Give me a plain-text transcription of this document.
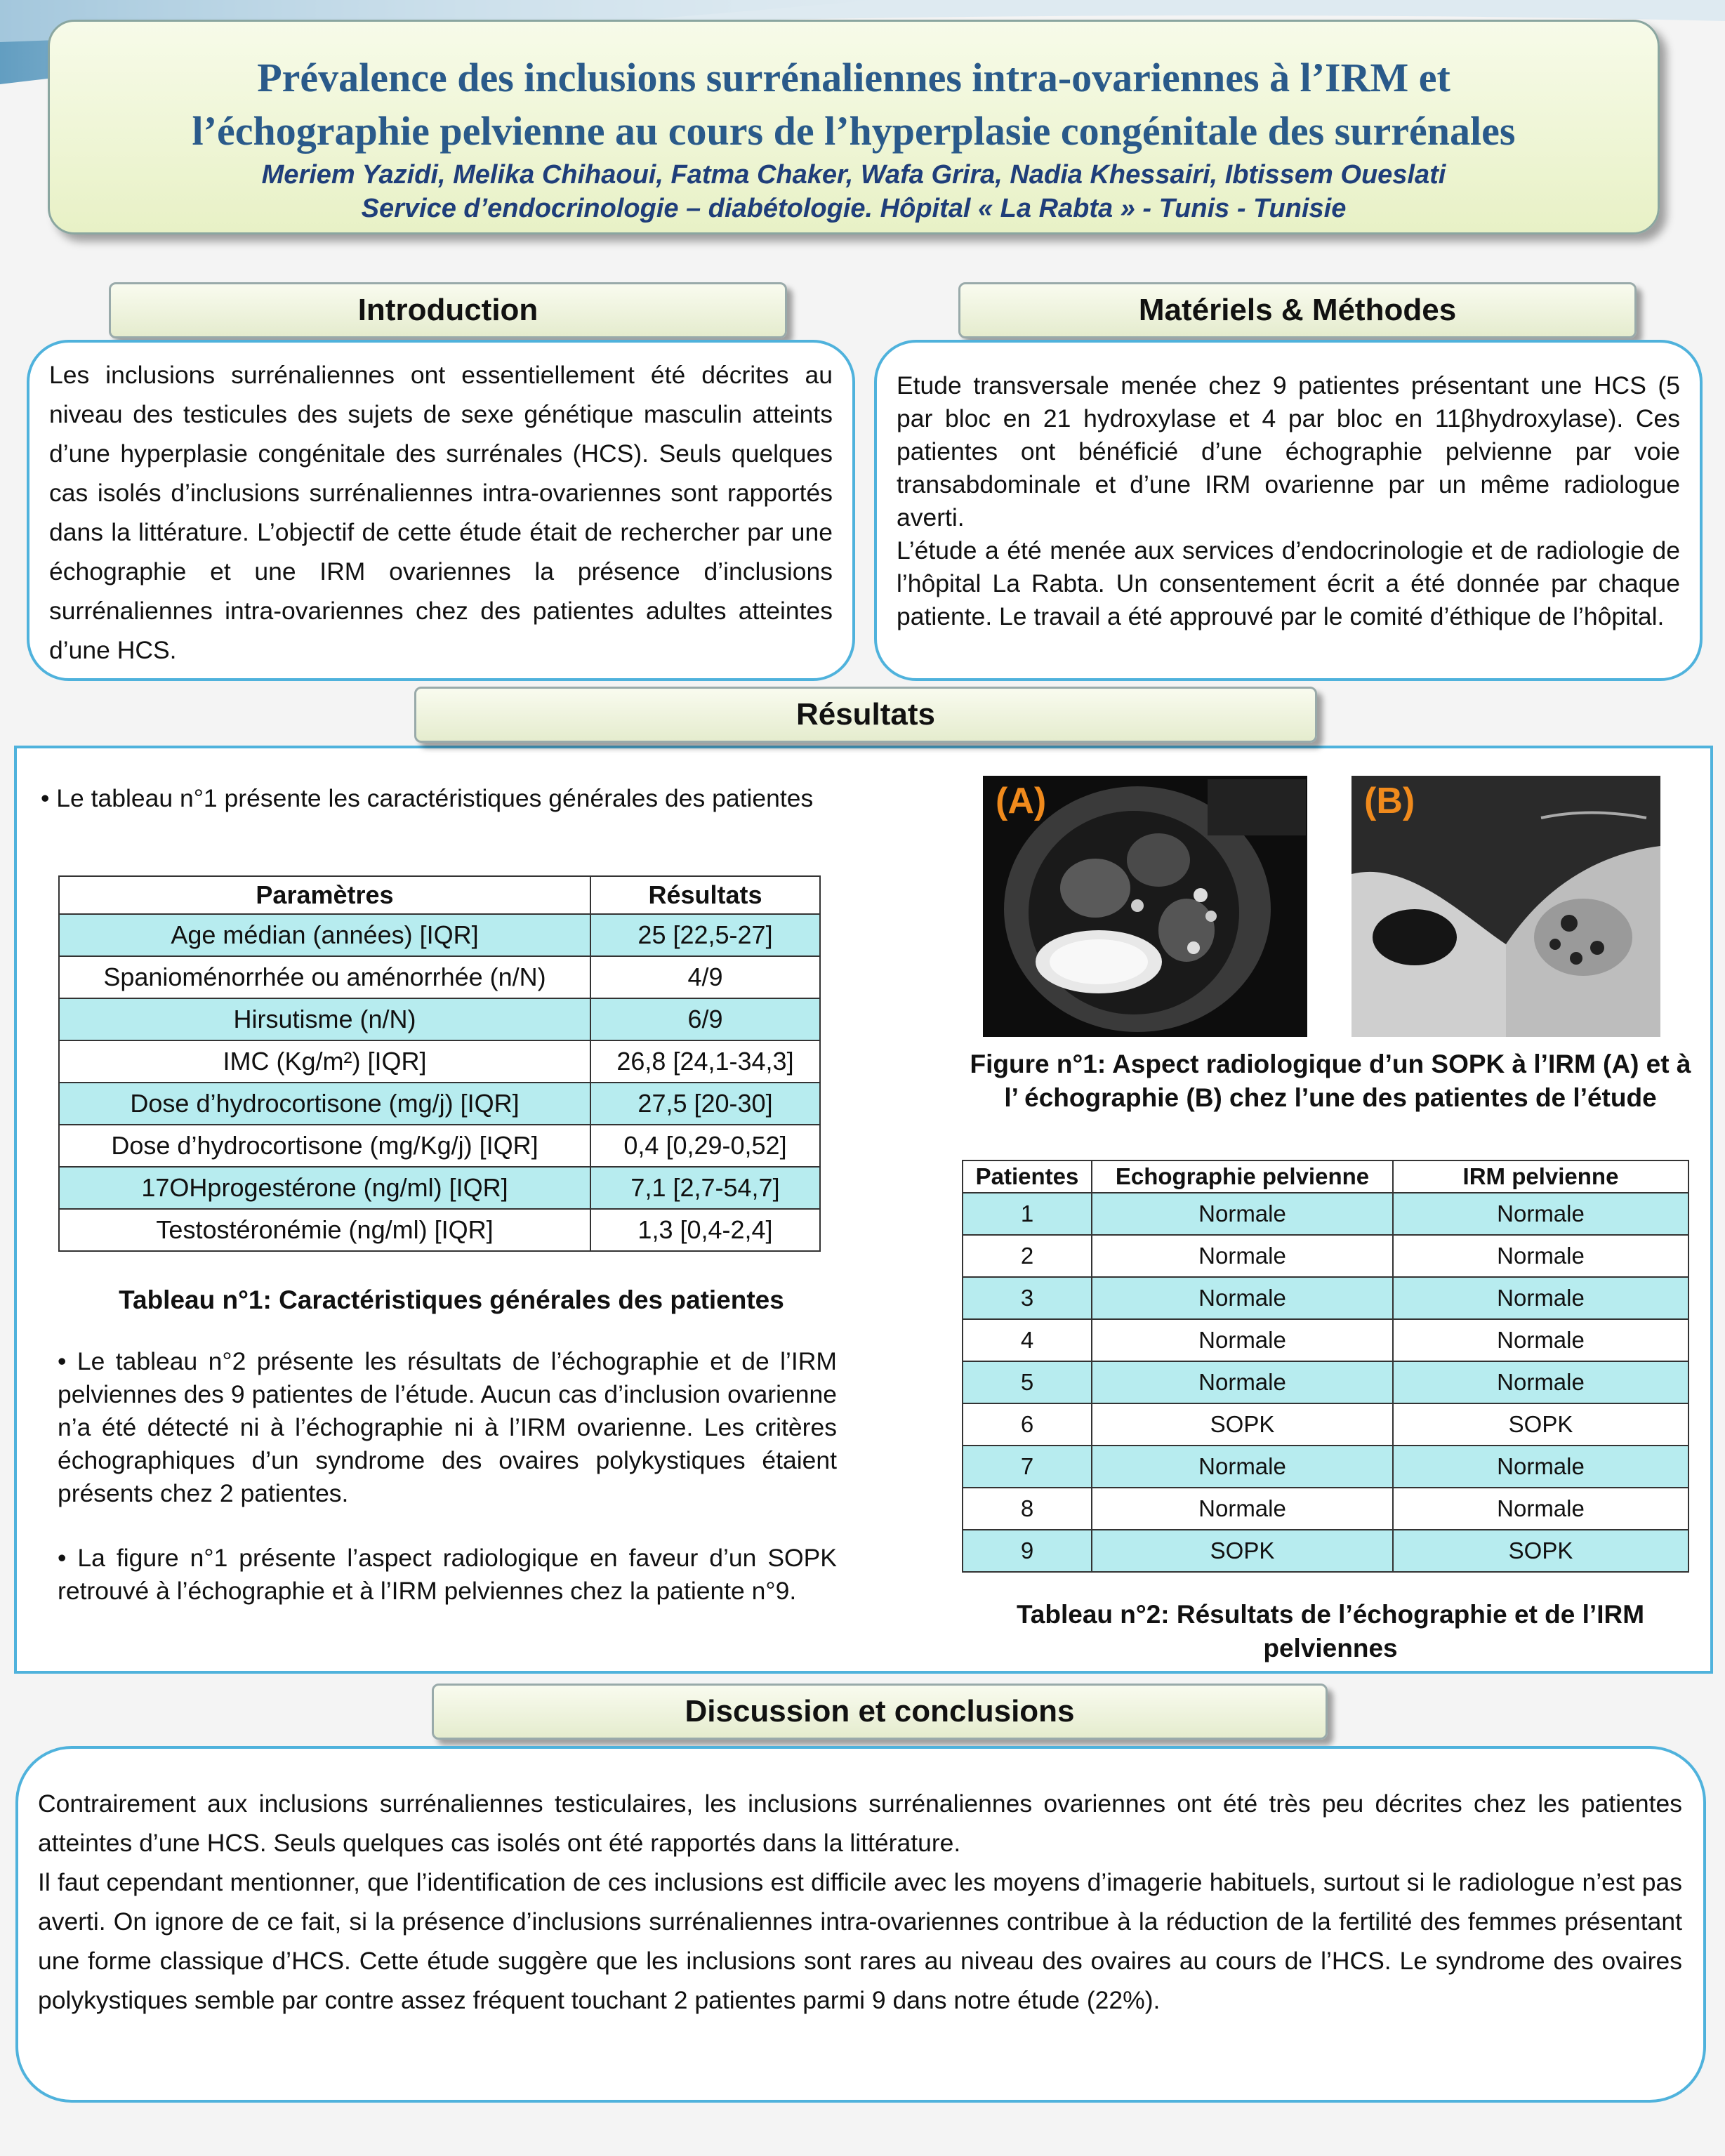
Prévalence des inclusions surrénaliennes intra-ovariennes à l’IRM et
l’échographie pelvienne au cours de l’hyperplasie congénitale des surrénales
Meriem Yazidi, Melika Chihaoui, Fatma Chaker, Wafa Grira, Nadia Khessairi, Ibtissem Oueslati
Service d’endocrinologie – diabétologie. Hôpital « La Rabta » - Tunis - Tunisie
Introduction
Les inclusions surrénaliennes ont essentiellement été décrites au niveau des testicules des sujets de sexe génétique masculin atteints d’une hyperplasie congénitale des surrénales (HCS). Seuls quelques cas isolés d’inclusions surrénaliennes intra-ovariennes sont rapportés dans la littérature. L’objectif de cette étude était de rechercher par une échographie et une IRM ovariennes la présence d’inclusions surrénaliennes intra-ovariennes chez des patientes adultes atteintes d’une HCS.
Matériels & Méthodes
Etude transversale menée chez 9 patientes présentant une HCS (5 par bloc en 21 hydroxylase et 4 par bloc en 11βhydroxylase). Ces patientes ont bénéficié d’une échographie pelvienne par voie transabdominale et d’une IRM ovarienne par un même radiologue averti.
L’étude a été menée aux services d’endocrinologie et de radiologie de l’hôpital La Rabta. Un consentement écrit a été donnée par chaque patiente. Le travail a été approuvé par le comité d’éthique de l’hôpital.
Résultats
• Le tableau n°1 présente les caractéristiques générales des patientes
Paramètres	Résultats
Age médian (années) [IQR]	25 [22,5-27]
Spanioménorrhée ou aménorrhée (n/N)	4/9
Hirsutisme (n/N)	6/9
IMC (Kg/m²) [IQR]	26,8 [24,1-34,3]
Dose d’hydrocortisone (mg/j) [IQR]	27,5 [20-30]
Dose d’hydrocortisone (mg/Kg/j) [IQR]	0,4 [0,29-0,52]
17OHprogestérone (ng/ml) [IQR]	7,1 [2,7-54,7]
Testostéronémie (ng/ml) [IQR]	1,3 [0,4-2,4]
Tableau n°1: Caractéristiques générales des patientes
• Le tableau n°2 présente les résultats de l’échographie et de l’IRM pelviennes des 9 patientes de l’étude. Aucun cas d’inclusion ovarienne n’a été détecté ni à l’échographie ni à l’IRM ovarienne. Les critères échographiques d’un syndrome des ovaires polykystiques étaient présents chez 2 patientes.
• La figure n°1 présente l’aspect radiologique en faveur d’un SOPK retrouvé à l’échographie et à l’IRM pelviennes chez la patiente n°9.
(A)	(B)
Figure n°1: Aspect radiologique d’un SOPK à l’IRM (A) et à l’ échographie (B) chez l’une des patientes de l’étude
Patientes	Echographie pelvienne	IRM pelvienne
1	Normale	Normale
2	Normale	Normale
3	Normale	Normale
4	Normale	Normale
5	Normale	Normale
6	SOPK	SOPK
7	Normale	Normale
8	Normale	Normale
9	SOPK	SOPK
Tableau n°2: Résultats de l’échographie et de l’IRM pelviennes
Discussion et conclusions
Contrairement aux inclusions surrénaliennes testiculaires, les inclusions surrénaliennes ovariennes ont été très peu décrites chez les patientes atteintes d’une HCS. Seuls quelques cas isolés ont été rapportés dans la littérature.
Il faut cependant mentionner, que l’identification de ces inclusions est difficile avec les moyens d’imagerie habituels, surtout si le radiologue n’est pas averti. On ignore de ce fait, si la présence d’inclusions surrénaliennes intra-ovariennes contribue à la réduction de la fertilité des femmes présentant une forme classique d’HCS. Cette étude suggère que les inclusions sont rares au niveau des ovaires au cours de l’HCS. Le syndrome des ovaires polykystiques semble par contre assez fréquent touchant 2 patientes parmi 9 dans notre étude (22%).
